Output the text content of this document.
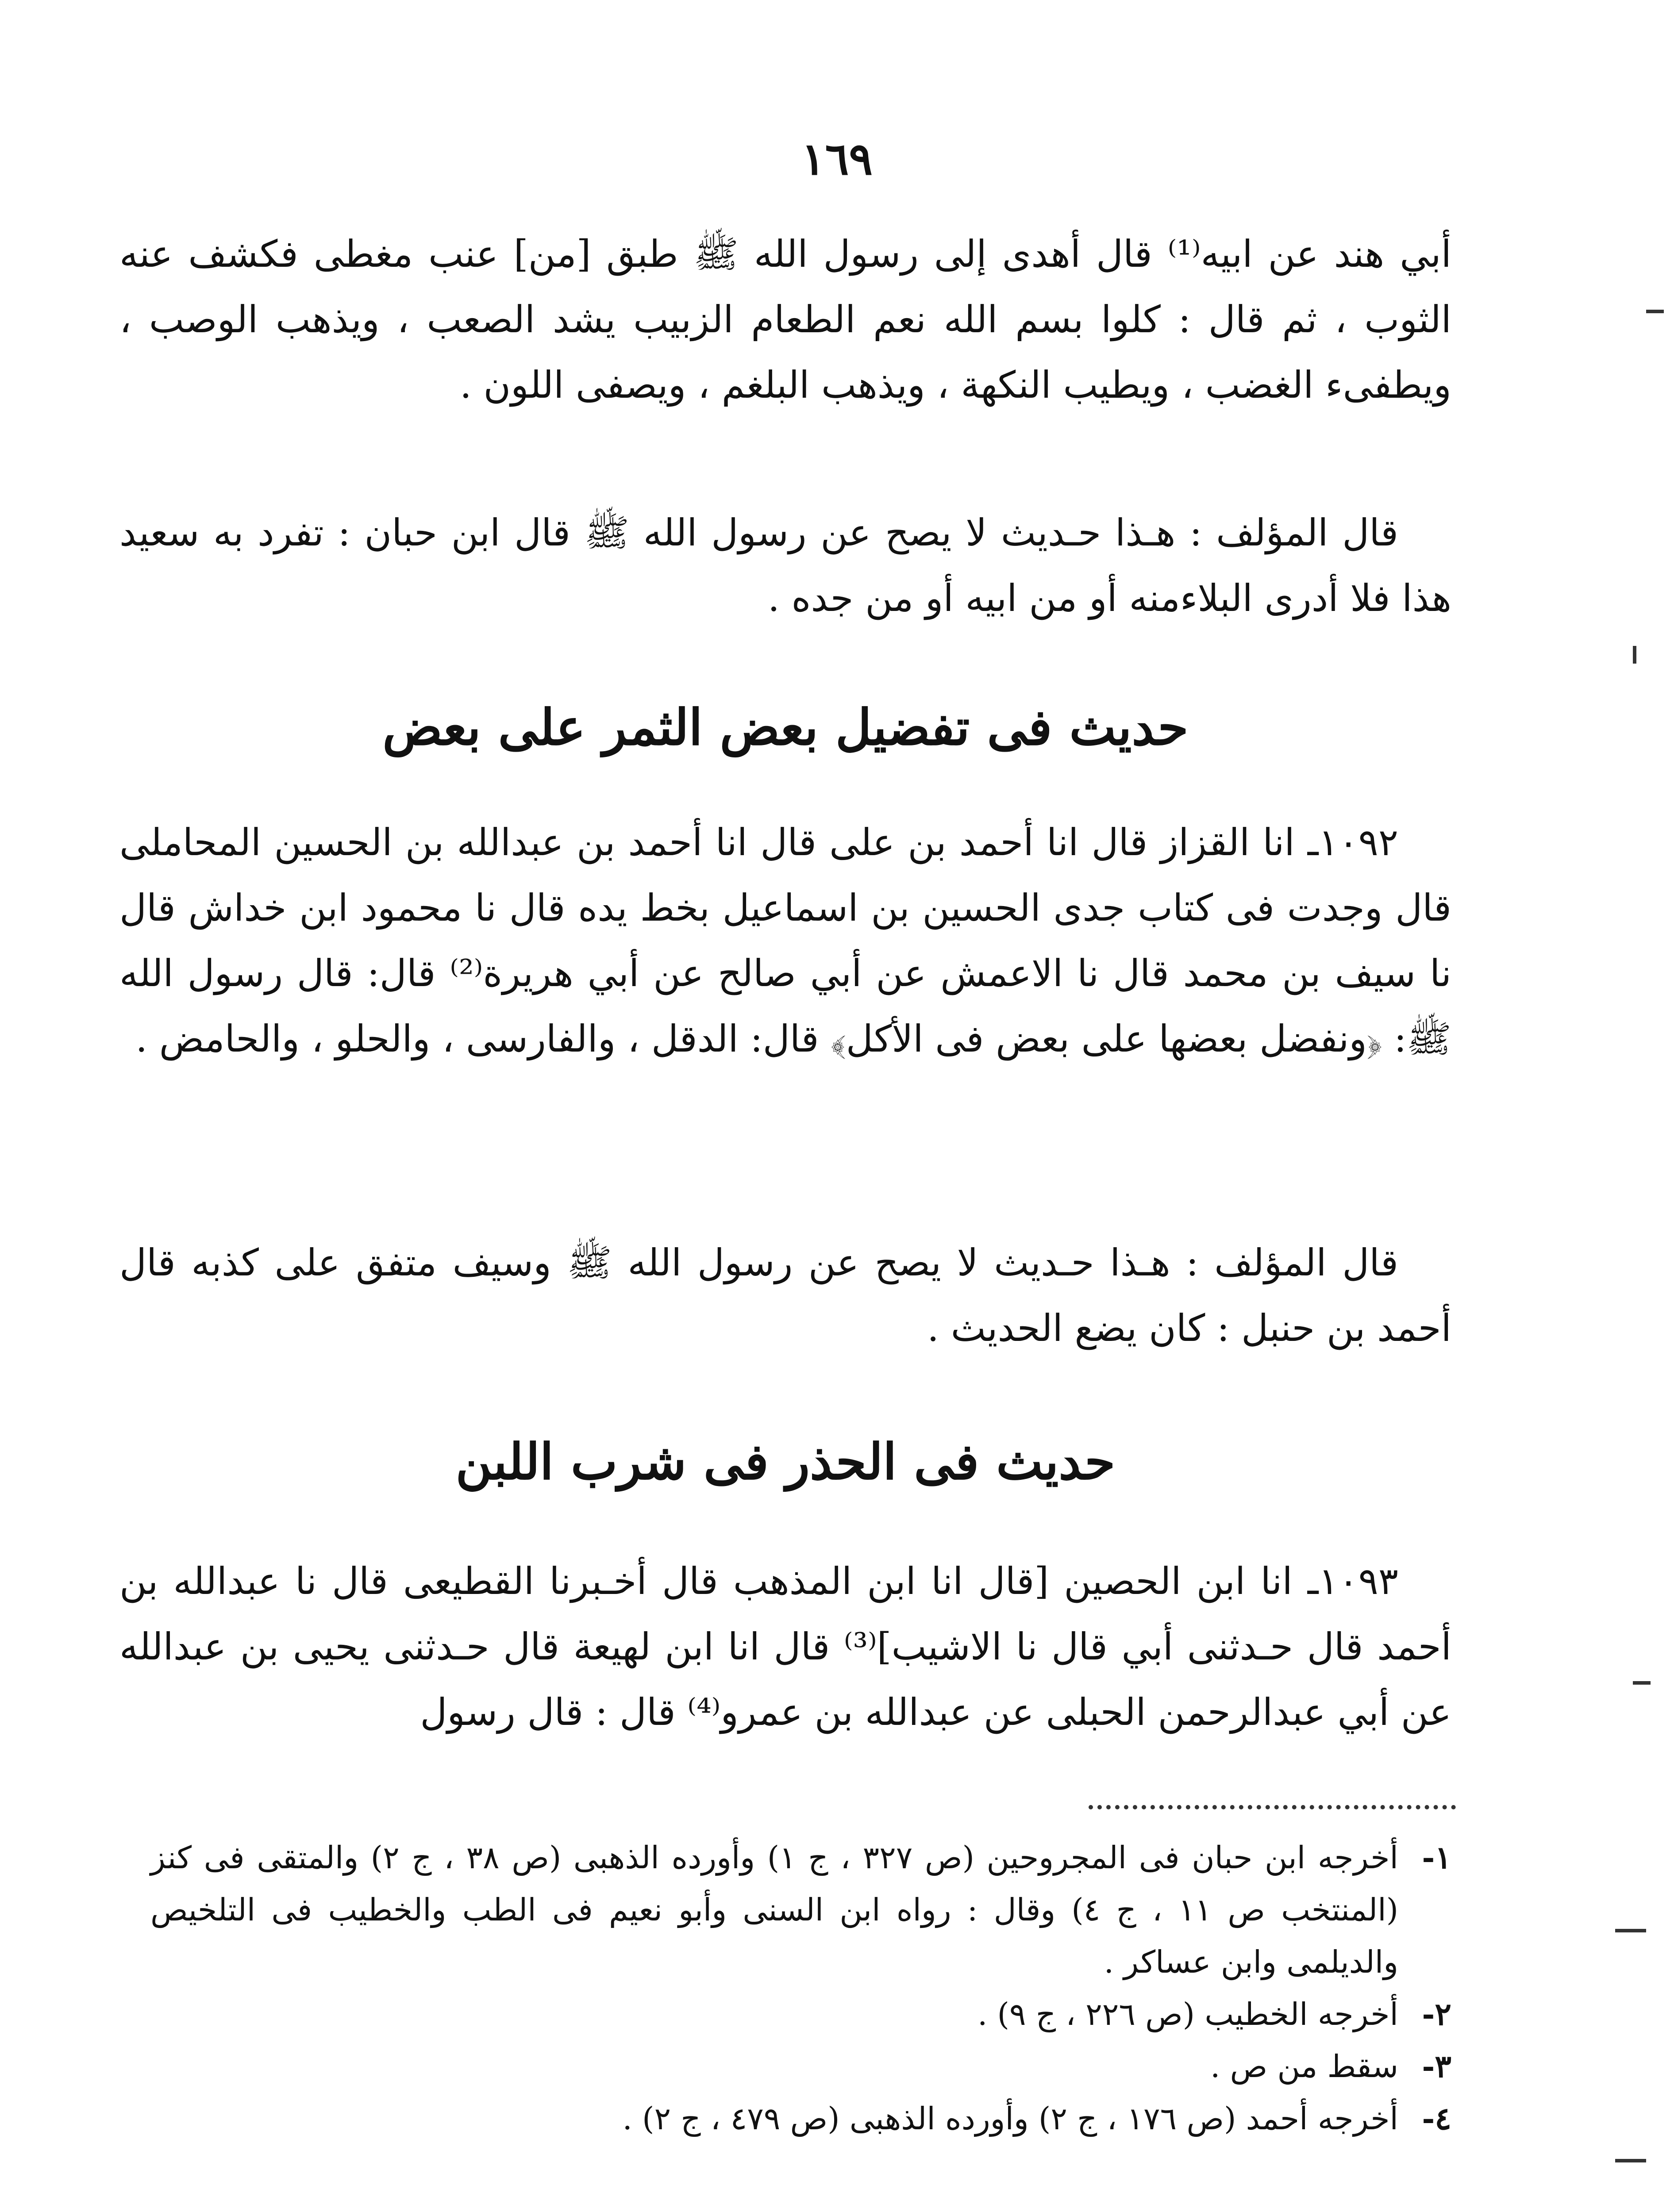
١٦٩

أبي هند عن ابيه⁽¹⁾ قال أهدى إلى رسول الله ﷺ طبق [من] عنب مغطى فكشف عنه الثوب ، ثم قال : كلوا بسم الله نعم الطعام الزبيب يشد الصعب ، ويذهب الوصب ، ويطفىء الغضب ، ويطيب النكهة ، ويذهب البلغم ، ويصفى اللون .

قال المؤلف : هـذا حـديث لا يصح عن رسول الله ﷺ قال ابن حبان : تفرد به سعيد هذا فلا أدرى البلاءمنه أو من ابيه أو من جده .

حديث فى تفضيل بعض الثمر على بعض

١٠٩٢ـ انا القزاز قال انا أحمد بن على قال انا أحمد بن عبدالله بن الحسين المحاملى قال وجدت فى كتاب جدى الحسين بن اسماعيل بخط يده قال نا محمود ابن خداش قال نا سيف بن محمد قال نا الاعمش عن أبي صالح عن أبي هريرة⁽²⁾ قال: قال رسول الله ﷺ: ﴿ونفضل بعضها على بعض فى الأكل﴾ قال: الدقل ، والفارسى ، والحلو ، والحامض .

قال المؤلف : هـذا حـديث لا يصح عن رسول الله ﷺ وسيف متفق على كذبه قال أحمد بن حنبل : كان يضع الحديث .

حديث فى الحذر فى شرب اللبن

١٠٩٣ـ انا ابن الحصين [قال انا ابن المذهب قال أخـبرنا القطيعى قال نا عبدالله بن أحمد قال حـدثنى أبي قال نا الاشيب]⁽³⁾ قال انا ابن لهيعة قال حـدثنى يحيى بن عبدالله عن أبي عبدالرحمن الحبلى عن عبدالله بن عمرو⁽⁴⁾ قال : قال رسول

١-
أخرجه ابن حبان فى المجروحين (ص ٣٢٧ ، ج ١) وأورده الذهبى (ص ٣٨ ، ج ٢) والمتقى فى كنز (المنتخب ص ١١ ، ج ٤) وقال : رواه ابن السنى وأبو نعيم فى الطب والخطيب فى التلخيص والديلمى وابن عساكر .
٢-
أخرجه الخطيب (ص ٢٢٦ ، ج ٩) .
٣-
سقط من ص .
٤-
أخرجه أحمد (ص ١٧٦ ، ج ٢) وأورده الذهبى (ص ٤٧٩ ، ج ٢) .
